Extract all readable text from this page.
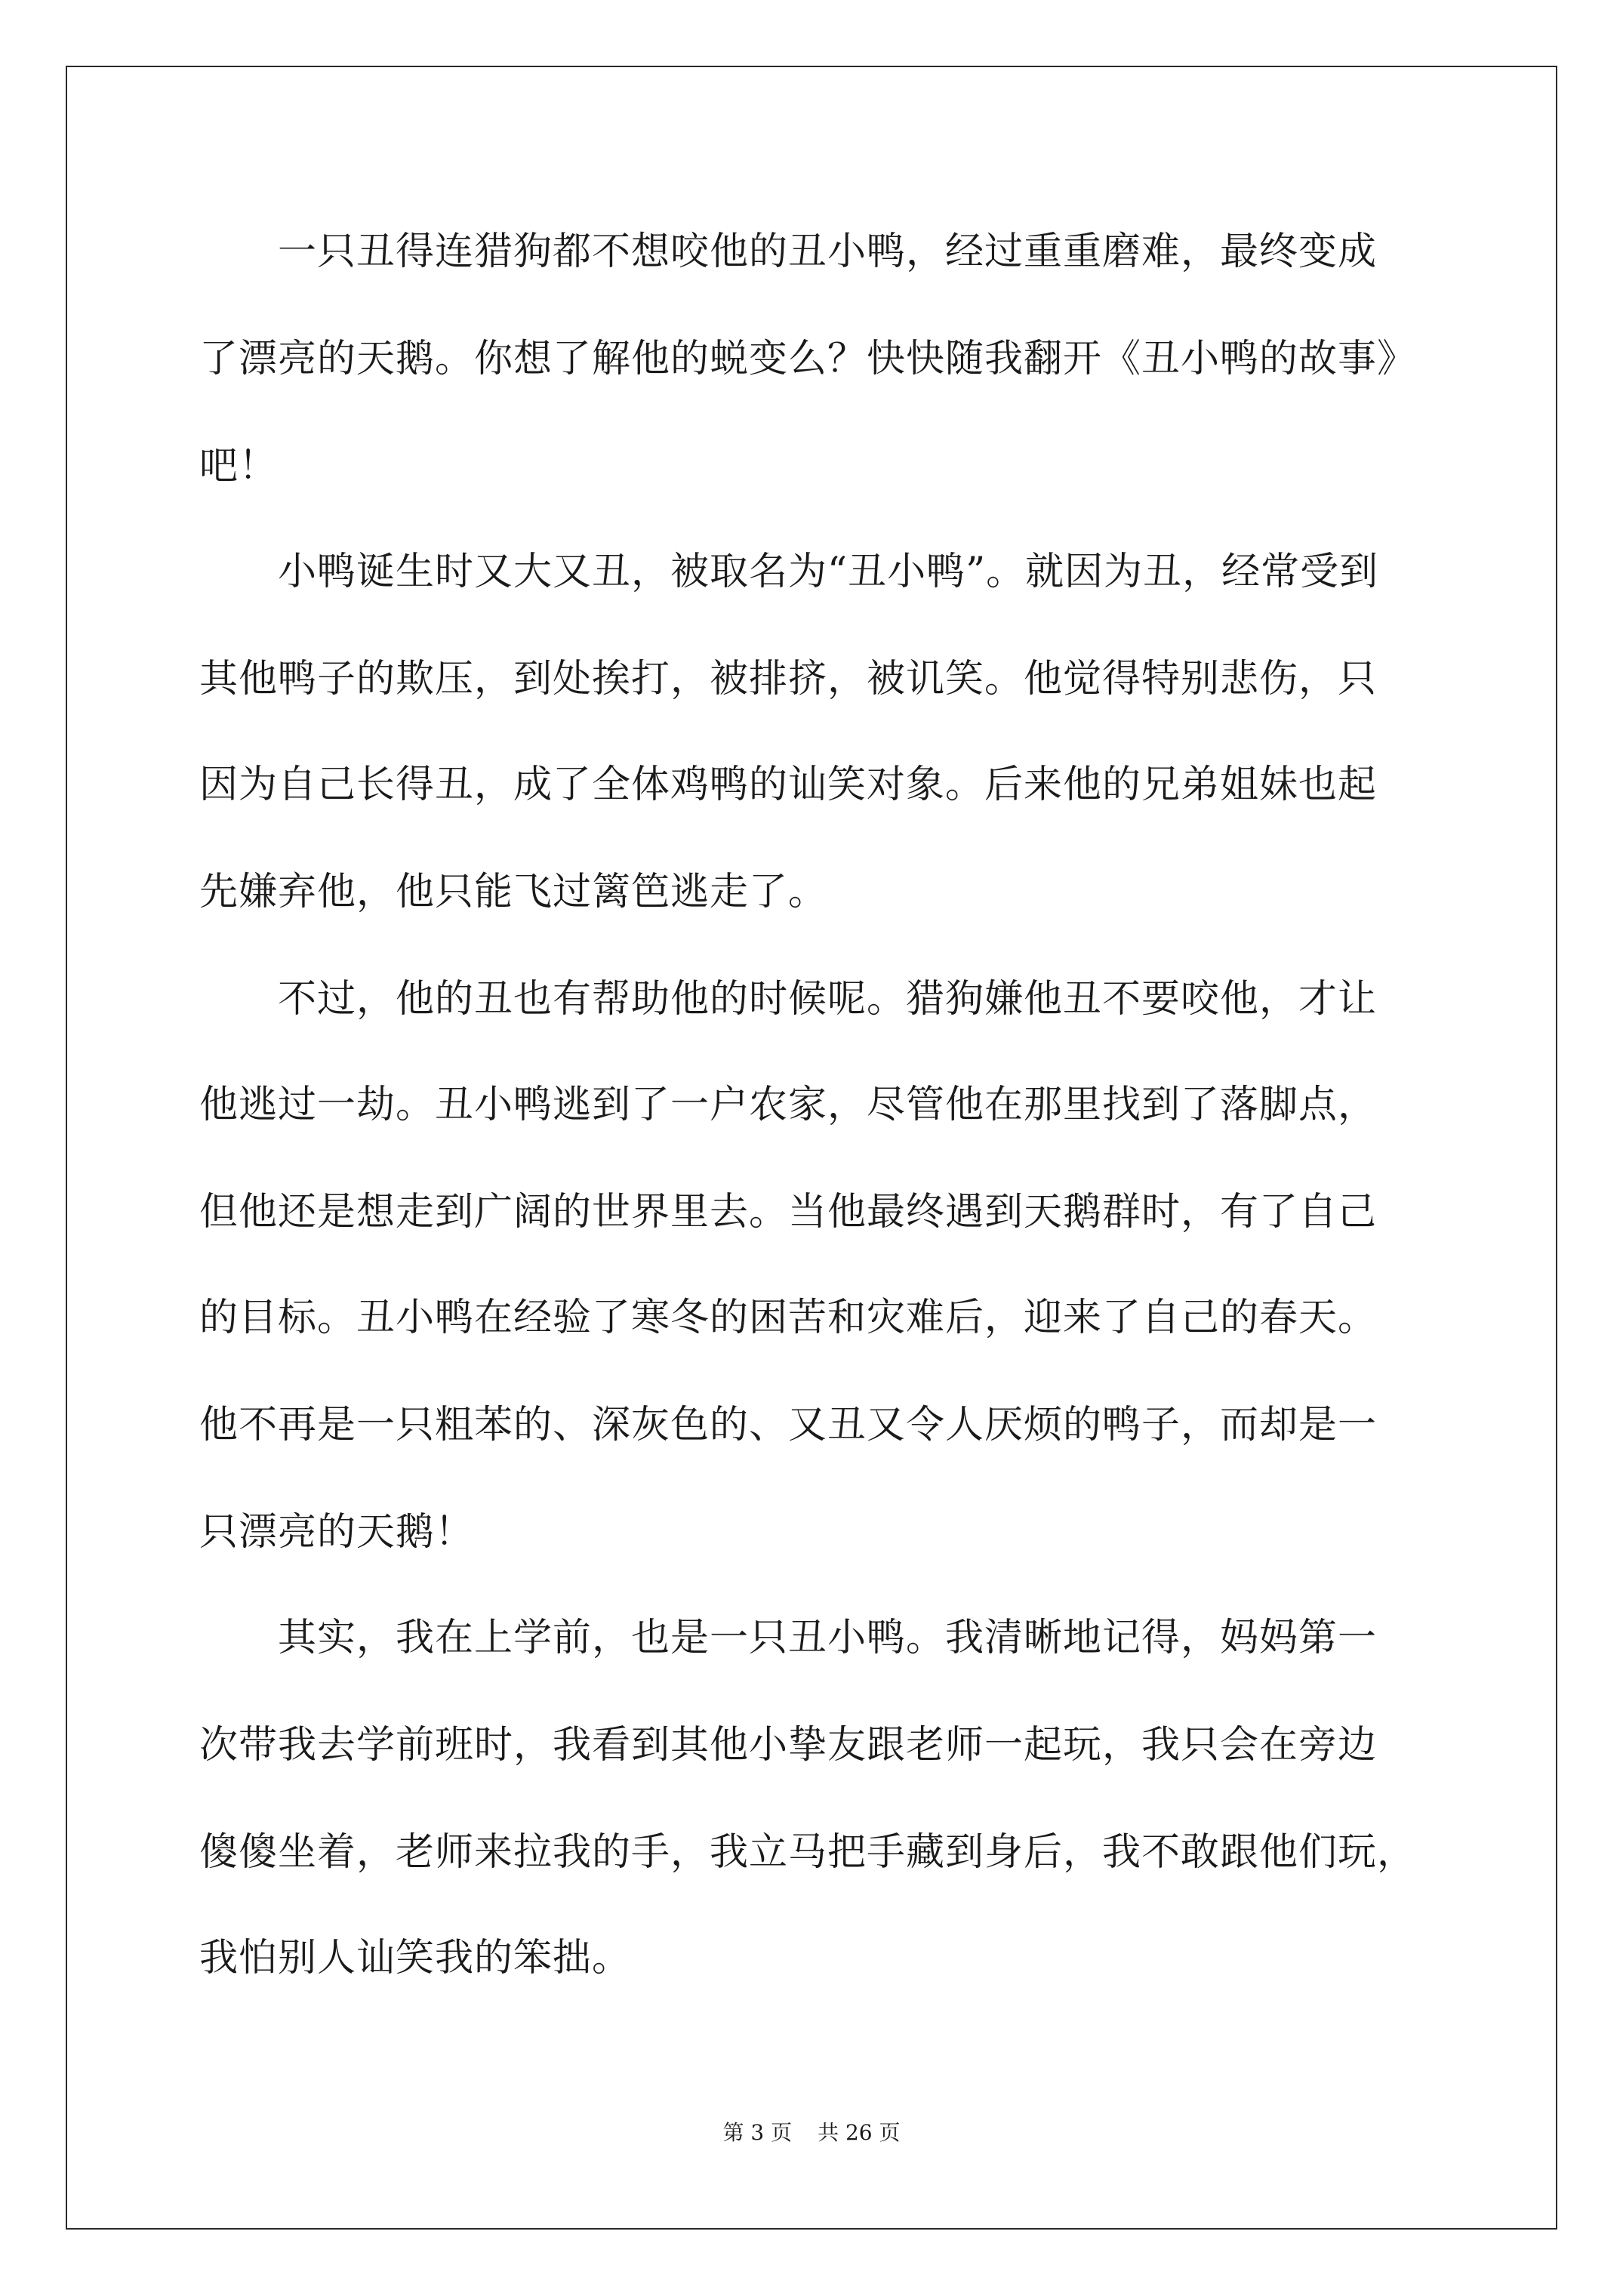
　　一只丑得连猎狗都不想咬他的丑小鸭，经过重重磨难，最终变成
了漂亮的天鹅。你想了解他的蜕变么？快快随我翻开《丑小鸭的故事》
吧！
　　小鸭诞生时又大又丑，被取名为“丑小鸭”。就因为丑，经常受到
其他鸭子的欺压，到处挨打，被排挤，被讥笑。他觉得特别悲伤，只
因为自己长得丑，成了全体鸡鸭的讪笑对象。后来他的兄弟姐妹也起
先嫌弃他，他只能飞过篱笆逃走了。
　　不过，他的丑也有帮助他的时候呢。猎狗嫌他丑不要咬他，才让
他逃过一劫。丑小鸭逃到了一户农家，尽管他在那里找到了落脚点，
但他还是想走到广阔的世界里去。当他最终遇到天鹅群时，有了自己
的目标。丑小鸭在经验了寒冬的困苦和灾难后，迎来了自己的春天。
他不再是一只粗苯的、深灰色的、又丑又令人厌烦的鸭子，而却是一
只漂亮的天鹅！
　　其实，我在上学前，也是一只丑小鸭。我清晰地记得，妈妈第一
次带我去学前班时，我看到其他小挚友跟老师一起玩，我只会在旁边
傻傻坐着，老师来拉我的手，我立马把手藏到身后，我不敢跟他们玩，
我怕别人讪笑我的笨拙。
第 3 页 共 26 页
